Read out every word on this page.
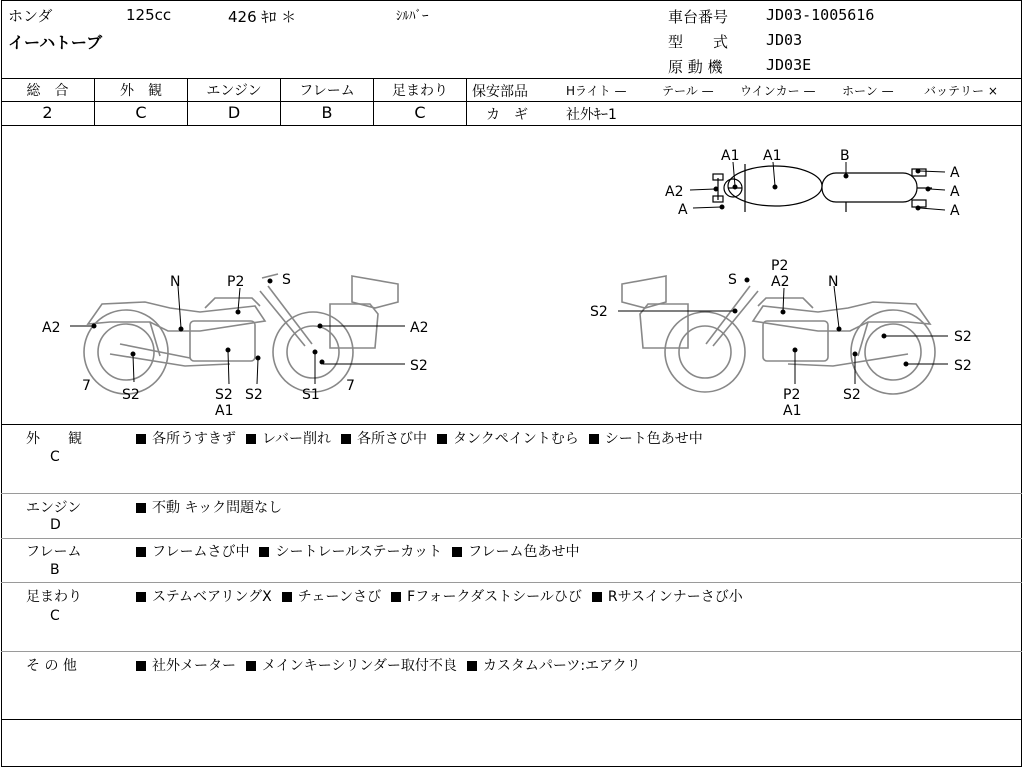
ホンダ	125cc	426 ｷﾛ ＊	ｼﾙﾊﾞｰ
イーハトーブ
車台番号	JD03-1005616
型　　式	JD03
原 動 機	JD03E
総　合	外　観	エンジン	フレーム	足まわり
2	C	D	B	C
保安部品	Hライト —	テール — ウインカー — ホーン —	バッテリー ×
カ　ギ	社外ｷｰ1
A1 A1	B
A2
A
A
A
A
N	P2	S
A2	A2
S2
7
S2	S2
A1
S2	S1
7
S
P2
A2	N
S2
S2
S2
P2
A1
S2
外　　観
C
各所うすきず レバー削れ 各所さび中 タンクペイントむら シート色あせ中
エンジン
D
不動 キック問題なし
フレーム
B
フレームさび中 シートレールステーカット フレーム色あせ中
足まわり
C
ステムベアリングX チェーンさび Fフォークダストシールひび Rサスインナーさび小
そ の 他	社外メーター メインキーシリンダー取付不良 カスタムパーツ:エアクリ
